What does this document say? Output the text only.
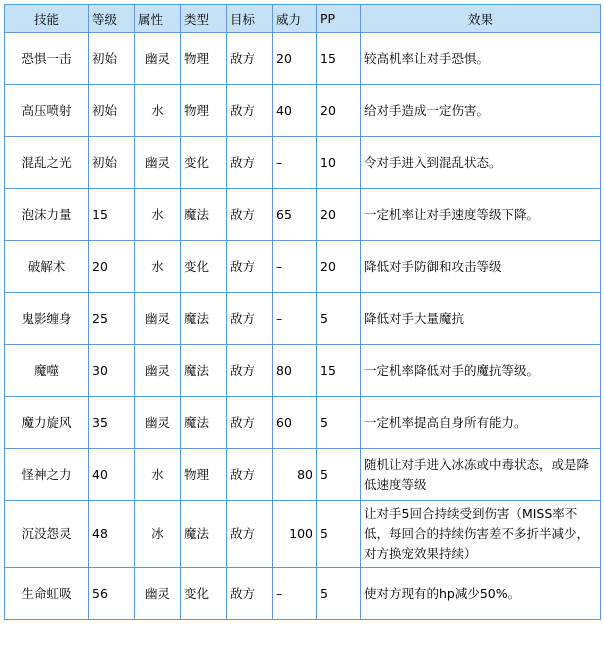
技能	等级	属性	类型	目标	威力	PP	效果
恐惧一击	初始	幽灵	物理	敌方	20	15	较高机率让对手恐惧。
高压喷射	初始	水	物理	敌方	40	20	给对手造成一定伤害。
混乱之光	初始	幽灵	变化	敌方	–	10	令对手进入到混乱状态。
泡沫力量	15	水	魔法	敌方	65	20	一定机率让对手速度等级下降。
破解术	20	水	变化	敌方	–	20	降低对手防御和攻击等级
鬼影缠身	25	幽灵	魔法	敌方	–	5	降低对手大量魔抗
魔噬	30	幽灵	魔法	敌方	80	15	一定机率降低对手的魔抗等级。
魔力旋风	35	幽灵	魔法	敌方	60	5	一定机率提高自身所有能力。
怪神之力	40	水	物理	敌方	80	5	随机让对手进入冰冻或中毒状态，或是降低速度等级
沉没怨灵	48	冰	魔法	敌方	100	5	让对手5回合持续受到伤害（MISS率不低，每回合的持续伤害差不多折半减少，对方换宠效果持续）
生命虹吸	56	幽灵	变化	敌方	–	5	使对方现有的hp减少50%。
